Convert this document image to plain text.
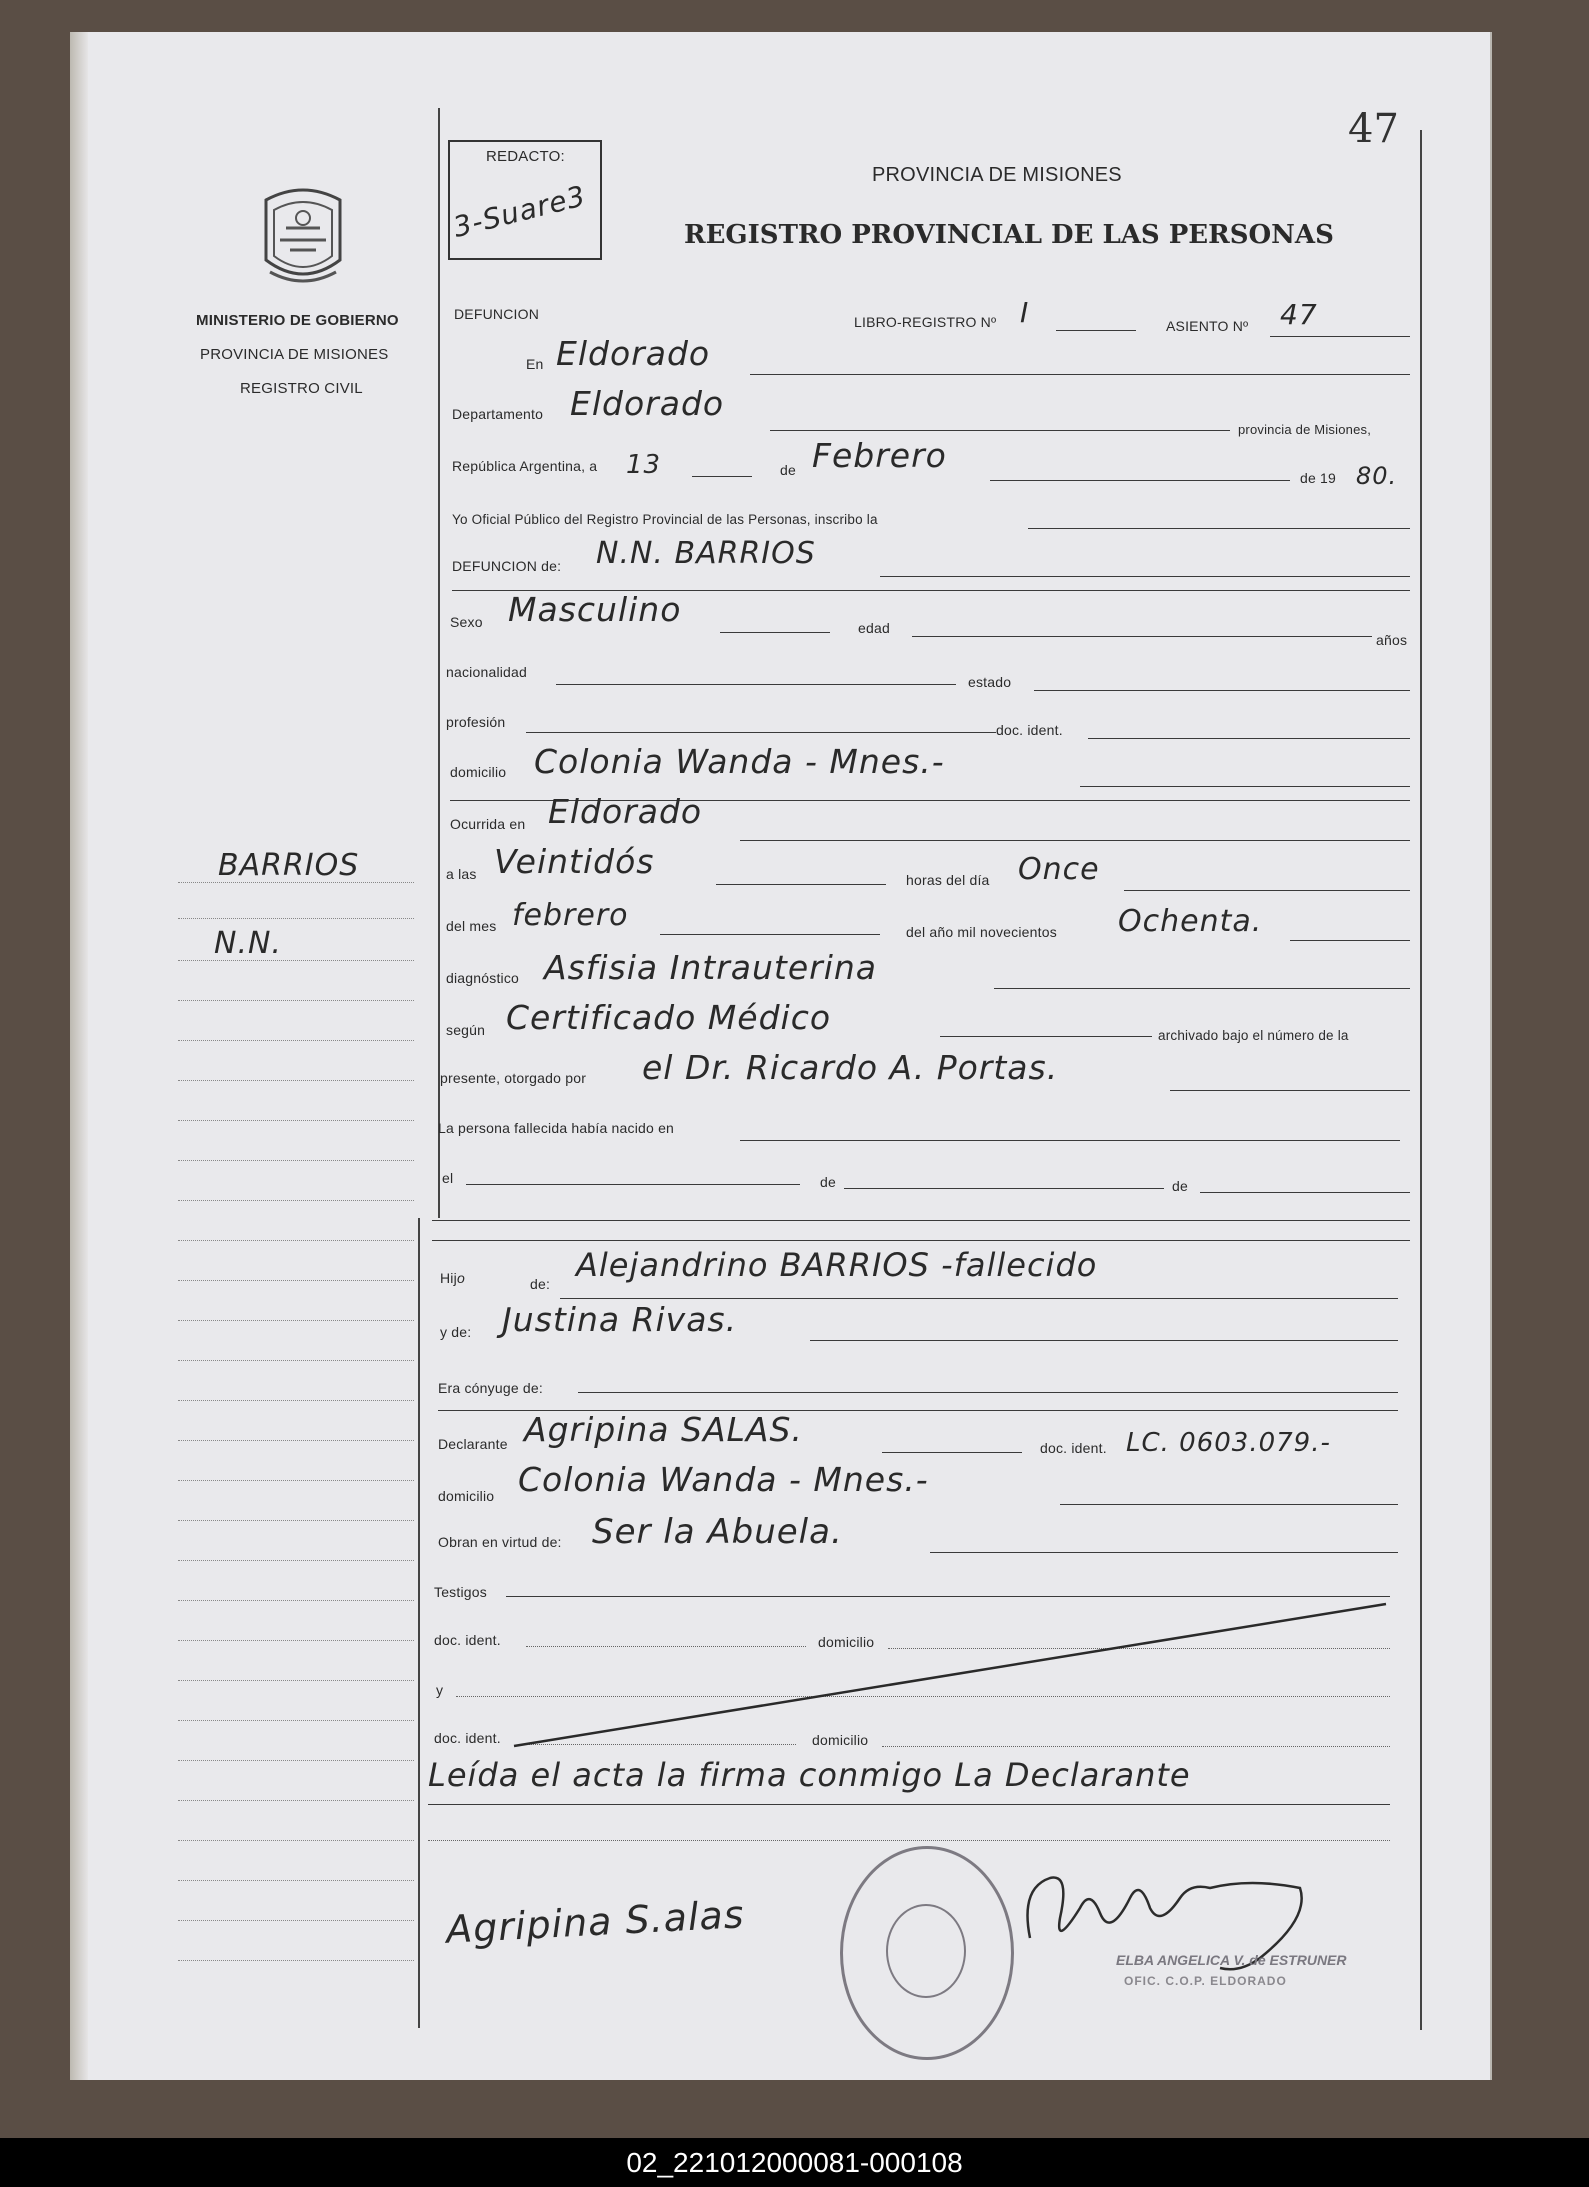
47
REDACTO:
3-Suare3
PROVINCIA DE MISIONES
REGISTRO PROVINCIAL DE LAS PERSONAS
MINISTERIO DE GOBIERNO
PROVINCIA DE MISIONES
REGISTRO CIVIL
BARRIOS
N.N.
DEFUNCION	LIBRO-REGISTRO Nº I	ASIENTO Nº 47
En Eldorado
Departamento Eldorado
provincia de Misiones,
República Argentina, a 13	de Febrero
de 19 80.
Yo Oficial Público del Registro Provincial de las Personas, inscribo la
DEFUNCION de: N.N. BARRIOS
Sexo Masculino	edad
años
nacionalidad
estado
profesión	doc. ident.
domicilio Colonia Wanda - Mnes.-
Ocurrida en Eldorado
a las Veintidós	horas del día Once
del mes febrero	del año mil novecientos Ochenta.
diagnóstico Asfisia Intrauterina
según Certificado Médico	archivado bajo el número de la
presente, otorgado por el Dr. Ricardo A. Portas.
La persona fallecida había nacido en
el	de	de
Hijo	de: Alejandrino BARRIOS -fallecido
y de: Justina Rivas.
Era cónyuge de:
Declarante Agripina SALAS.	doc. ident. LC. 0603.079.-
domicilio Colonia Wanda - Mnes.-
Obran en virtud de: Ser la Abuela.
Testigos
doc. ident.	domicilio
y
doc. ident.	domicilio
Leída el acta la firma conmigo La Declarante
Agripina S.alas
ELBA ANGELICA V. de ESTRUNER
OFIC. C.O.P. ELDORADO
02_221012000081-000108
